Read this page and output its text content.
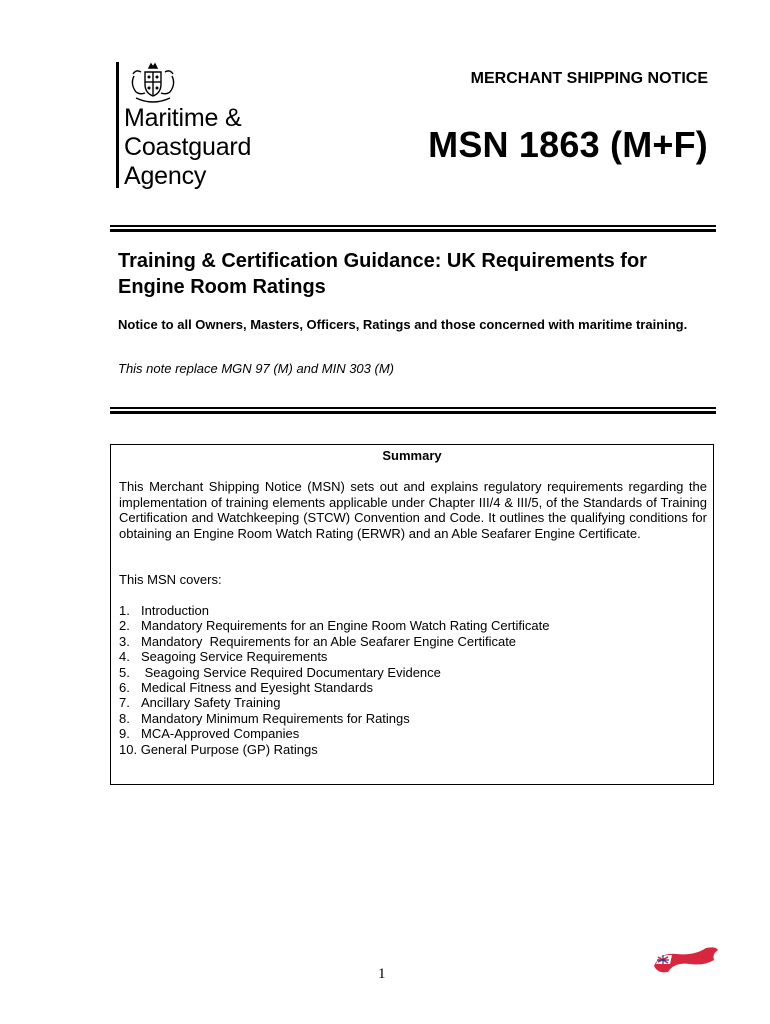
Maritime &
Coastguard
Agency
MERCHANT SHIPPING NOTICE
MSN 1863 (M+F)
Training & Certification Guidance: UK Requirements for Engine Room Ratings
Notice to all Owners, Masters, Officers, Ratings and those concerned with maritime training.
This note replace MGN 97 (M) and MIN 303 (M)
Summary
This Merchant Shipping Notice (MSN) sets out and explains regulatory requirements regarding the implementation of training elements applicable under Chapter III/4 & III/5, of the Standards of Training Certification and Watchkeeping (STCW) Convention and Code. It outlines the qualifying conditions for obtaining an Engine Room Watch Rating (ERWR) and an Able Seafarer Engine Certificate.
This MSN covers:
1. Introduction
2. Mandatory Requirements for an Engine Room Watch Rating Certificate
3. Mandatory  Requirements for an Able Seafarer Engine Certificate
4. Seagoing Service Requirements
5. Seagoing Service Required Documentary Evidence
6. Medical Fitness and Eyesight Standards
7. Ancillary Safety Training
8. Mandatory Minimum Requirements for Ratings
9. MCA-Approved Companies
10. General Purpose (GP) Ratings
1
